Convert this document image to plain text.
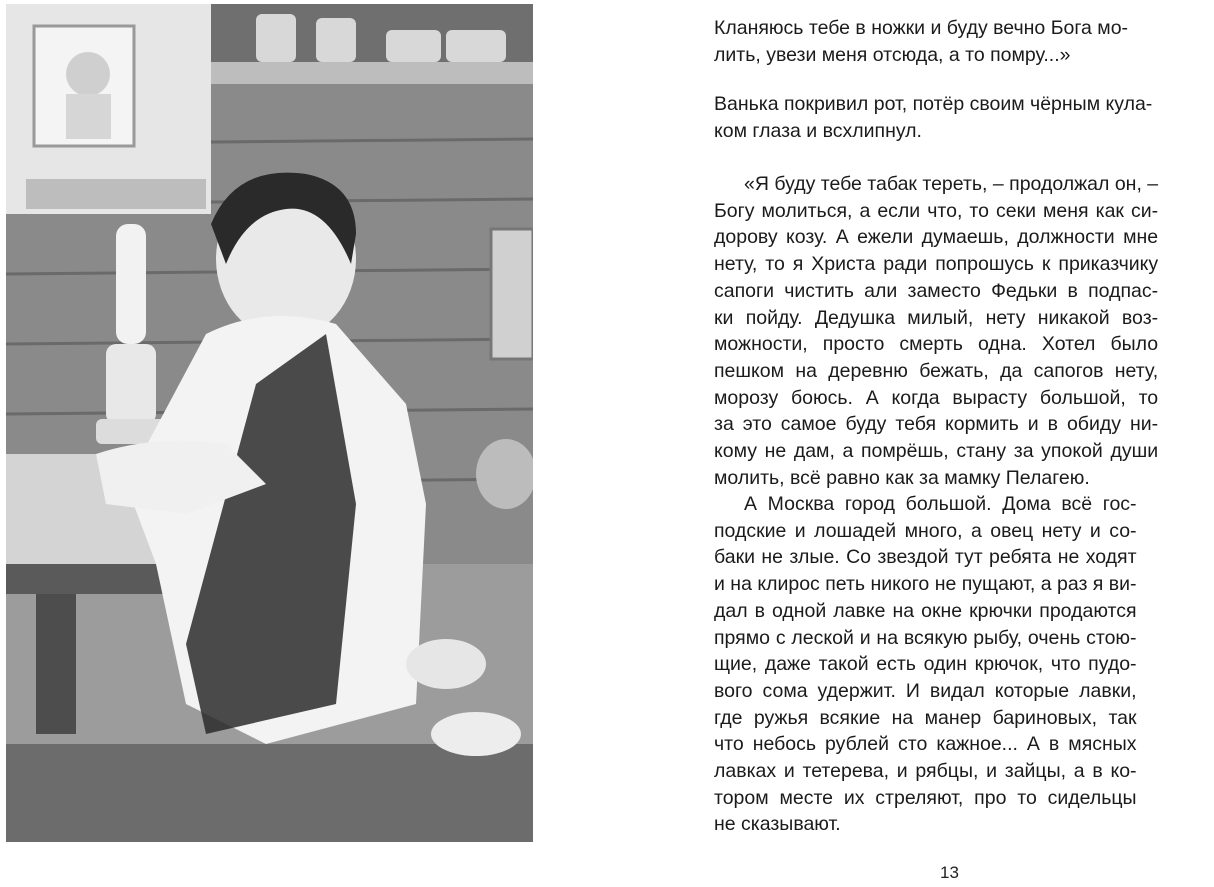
Кланяюсь тебе в ножки и буду вечно Бога мо-
лить, увези меня отсюда, а то помру...»

Ванька покривил рот, потёр своим чёрным кула-
ком глаза и всхлипнул.

«Я буду тебе табак тереть, – продолжал он, –
Богу молиться, а если что, то секи меня как си-
дорову козу. А ежели думаешь, должности мне
нету, то я Христа ради попрошусь к приказчику
сапоги чистить али заместо Федьки в подпас-
ки пойду. Дедушка милый, нету никакой воз-
можности, просто смерть одна. Хотел было
пешком на деревню бежать, да сапогов нету,
морозу боюсь. А когда вырасту большой, то
за это самое буду тебя кормить и в обиду ни-
кому не дам, а помрёшь, стану за упокой души
молить, всё равно как за мамку Пелагею.

А Москва город большой. Дома всё гос-
подские и лошадей много, а овец нету и со-
баки не злые. Со звездой тут ребята не ходят
и на клирос петь никого не пущают, а раз я ви-
дал в одной лавке на окне крючки продаются
прямо с леской и на всякую рыбу, очень стою-
щие, даже такой есть один крючок, что пудо-
вого сома удержит. И видал которые лавки,
где ружья всякие на манер бариновых, так
что небось рублей сто кажное... А в мясных
лавках и тетерева, и рябцы, и зайцы, а в ко-
тором месте их стреляют, про то сидельцы
не сказывают.

13
